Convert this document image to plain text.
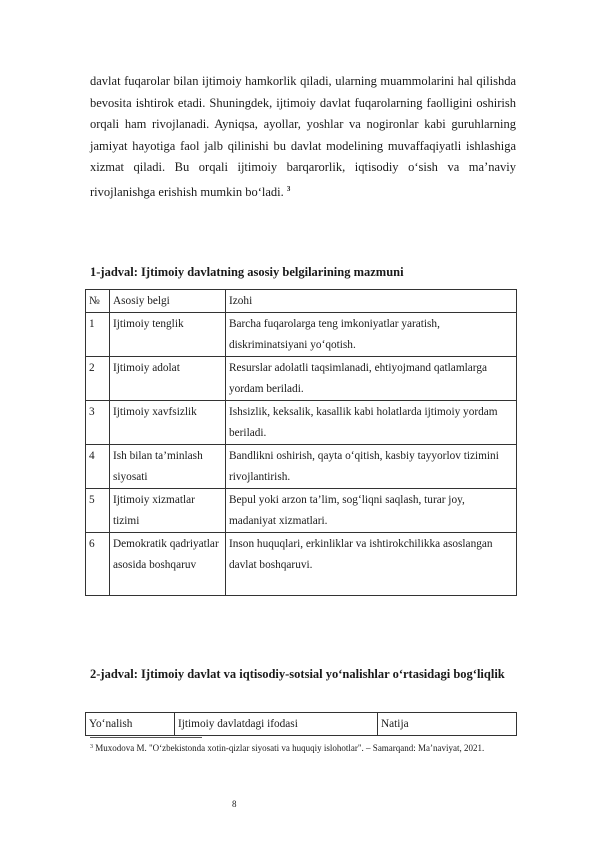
davlat fuqarolar bilan ijtimoiy hamkorlik qiladi, ularning muammolarini hal qilishda bevosita ishtirok etadi. Shuningdek, ijtimoiy davlat fuqarolarning faolligini oshirish orqali ham rivojlanadi. Ayniqsa, ayollar, yoshlar va nogironlar kabi guruhlarning jamiyat hayotiga faol jalb qilinishi bu davlat modelining muvaffaqiyatli ishlashiga xizmat qiladi. Bu orqali ijtimoiy barqarorlik, iqtisodiy o‘sish va ma’naviy rivojlanishga erishish mumkin bo‘ladi. $^3$

1-jadval: Ijtimoiy davlatning asosiy belgilarining mazmuni

№	Asosiy belgi	Izohi
1	Ijtimoiy tenglik	Barcha fuqarolarga teng imkoniyatlar yaratish, diskriminatsiyani yo‘qotish.
2	Ijtimoiy adolat	Resurslar adolatli taqsimlanadi, ehtiyojmand qatlamlarga yordam beriladi.
3	Ijtimoiy xavfsizlik	Ishsizlik, keksalik, kasallik kabi holatlarda ijtimoiy yordam beriladi.
4	Ish bilan ta’minlash siyosati	Bandlikni oshirish, qayta o‘qitish, kasbiy tayyorlov tizimini rivojlantirish.
5	Ijtimoiy xizmatlar tizimi	Bepul yoki arzon ta’lim, sog‘liqni saqlash, turar joy, madaniyat xizmatlari.
6	Demokratik qadriyatlar asosida boshqaruv	Inson huquqlari, erkinliklar va ishtirokchilikka asoslangan davlat boshqaruvi.

2-jadval: Ijtimoiy davlat va iqtisodiy-sotsial yo‘nalishlar o‘rtasidagi bog‘liqlik

Yo‘nalish	Ijtimoiy davlatdagi ifodasi	Natija

$^3$ Muxodova M. "O‘zbekistonda xotin-qizlar siyosati va huquqiy islohotlar". – Samarqand: Ma’naviyat, 2021.

8
